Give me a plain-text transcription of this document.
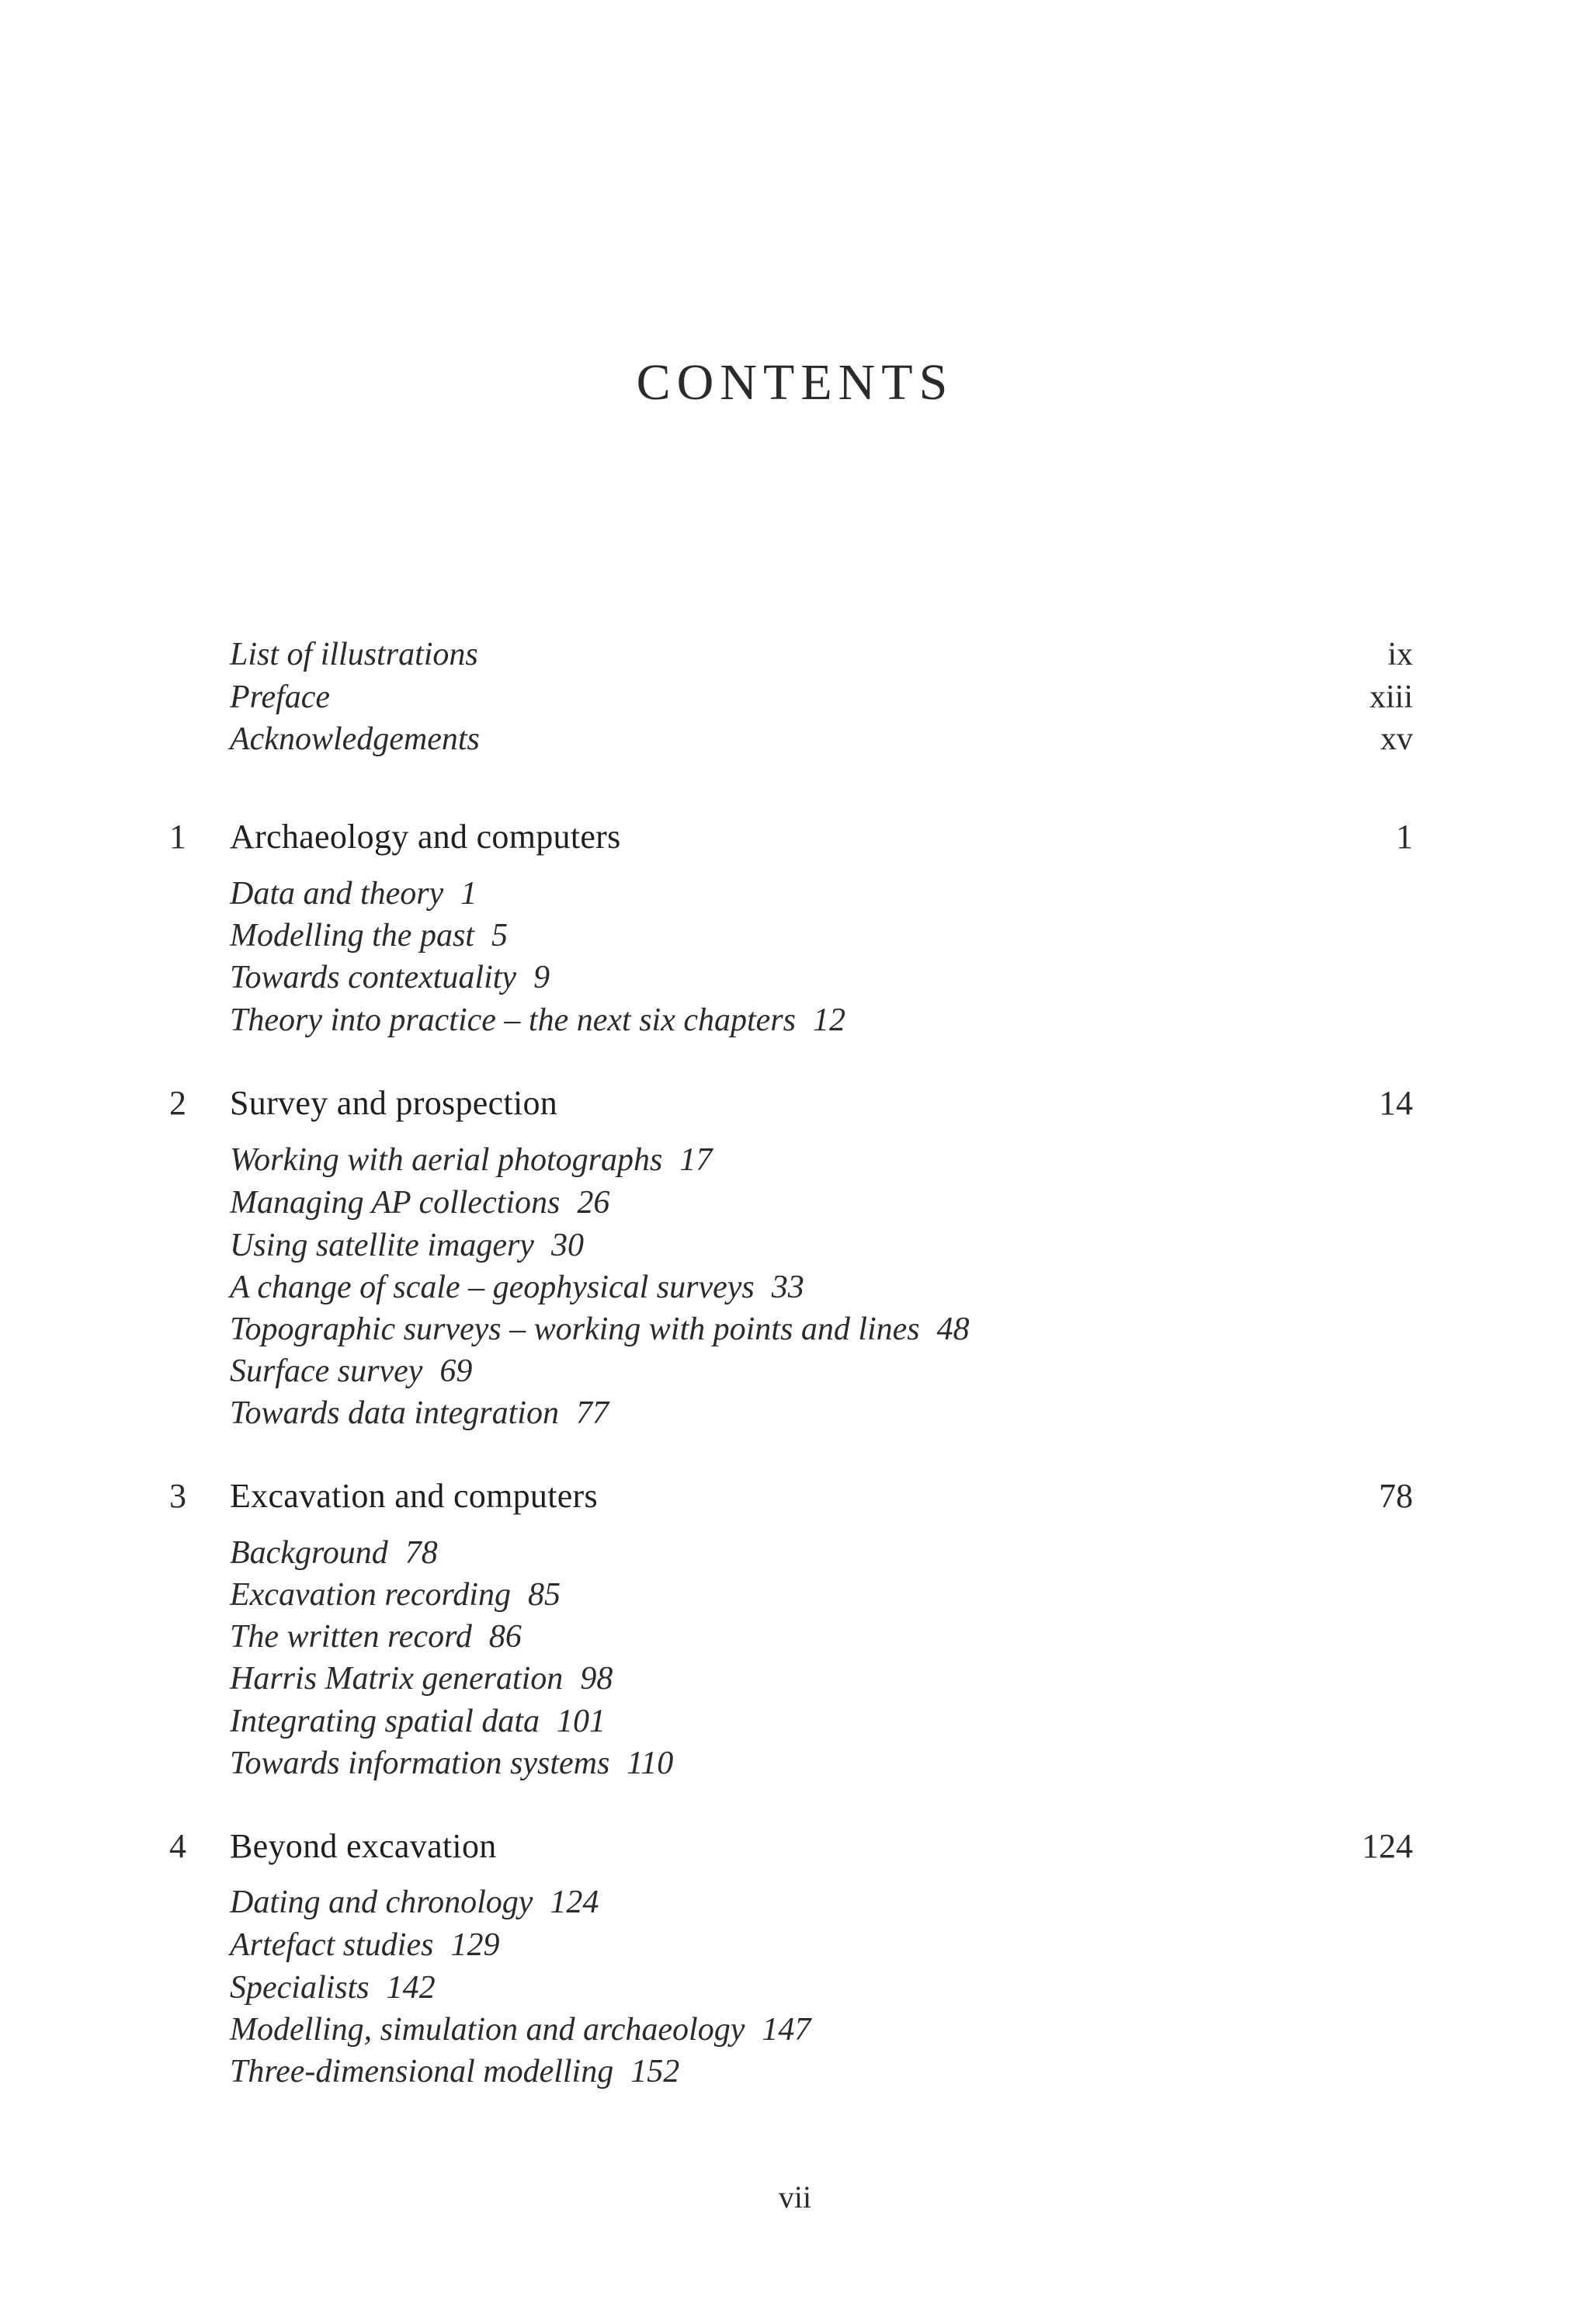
CONTENTS
List of illustrations	ix
Preface	xiii
Acknowledgements	xv
1 Archaeology and computers	1
Data and theory 1
Modelling the past 5
Towards contextuality 9
Theory into practice – the next six chapters 12
2 Survey and prospection	14
Working with aerial photographs 17
Managing AP collections 26
Using satellite imagery 30
A change of scale – geophysical surveys 33
Topographic surveys – working with points and lines 48
Surface survey 69
Towards data integration 77
3 Excavation and computers	78
Background 78
Excavation recording 85
The written record 86
Harris Matrix generation 98
Integrating spatial data 101
Towards information systems 110
4 Beyond excavation	124
Dating and chronology 124
Artefact studies 129
Specialists 142
Modelling, simulation and archaeology 147
Three-dimensional modelling 152
vii
